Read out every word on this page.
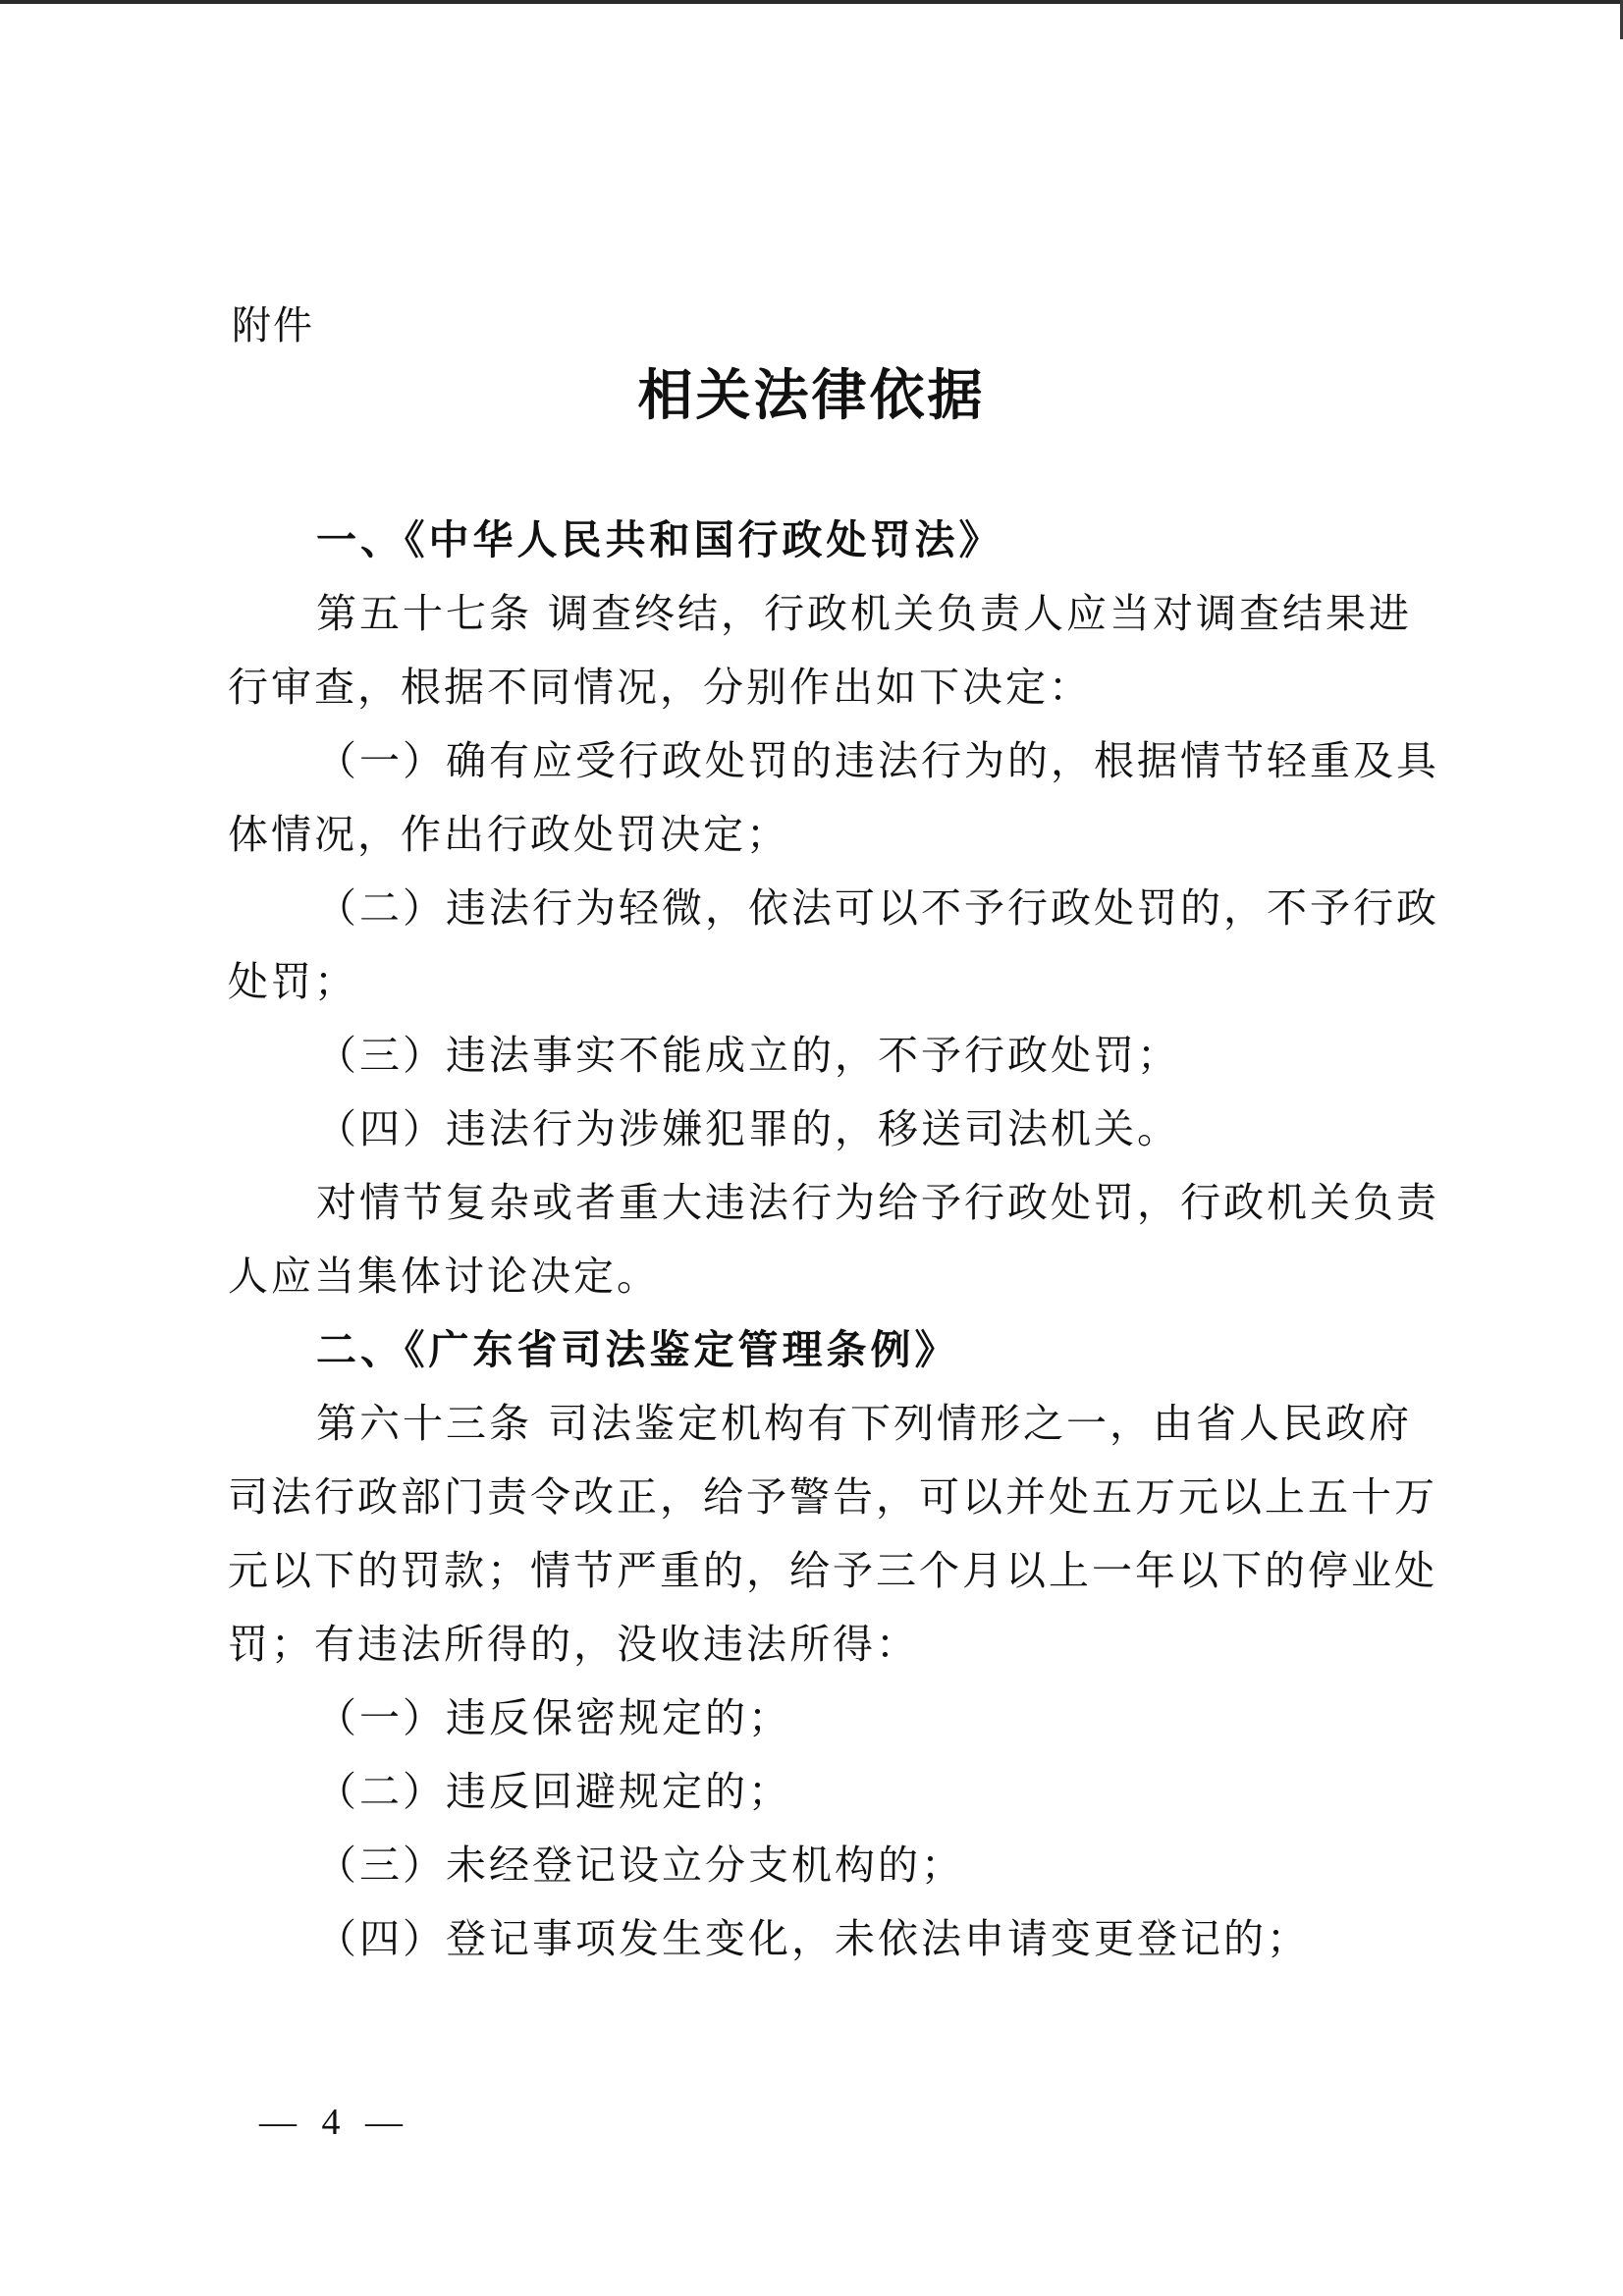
附件
相关法律依据
一、《中华人民共和国行政处罚法》
第五十七条 调查终结，行政机关负责人应当对调查结果进
行审查，根据不同情况，分别作出如下决定：
（一）确有应受行政处罚的违法行为的，根据情节轻重及具
体情况，作出行政处罚决定；
（二）违法行为轻微，依法可以不予行政处罚的，不予行政
处罚；
（三）违法事实不能成立的，不予行政处罚；
（四）违法行为涉嫌犯罪的，移送司法机关。
对情节复杂或者重大违法行为给予行政处罚，行政机关负责
人应当集体讨论决定。
二、《广东省司法鉴定管理条例》
第六十三条 司法鉴定机构有下列情形之一，由省人民政府
司法行政部门责令改正，给予警告，可以并处五万元以上五十万
元以下的罚款；情节严重的，给予三个月以上一年以下的停业处
罚；有违法所得的，没收违法所得：
（一）违反保密规定的；
（二）违反回避规定的；
（三）未经登记设立分支机构的；
（四）登记事项发生变化，未依法申请变更登记的；
— 4 —
